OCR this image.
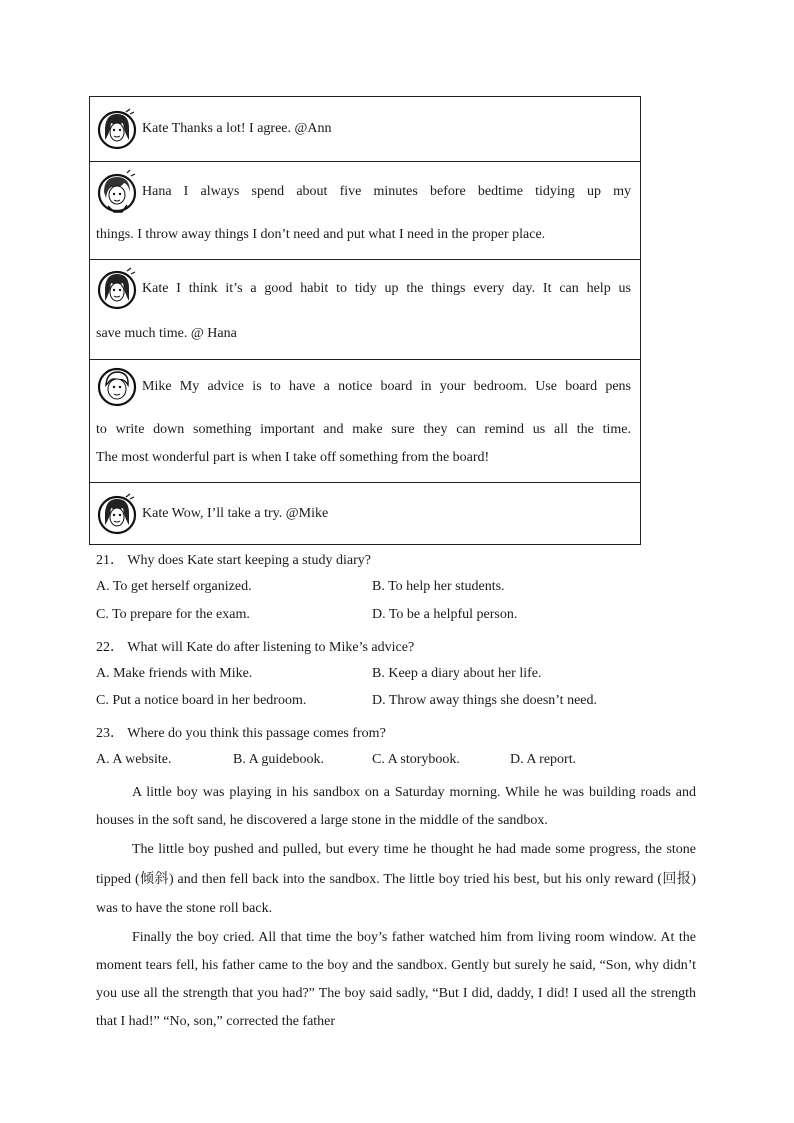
Kate Thanks a lot! I agree. @Ann

Hana I always spend about five minutes before bedtime tidying up my
things. I throw away things I don’t need and put what I need in the proper place.

Kate I think it’s a good habit to tidy up the things every day. It can help us
save much time. @ Hana

Mike My advice is to have a notice board in your bedroom. Use board pens
to write down something important and make sure they can remind us all the time.
The most wonderful part is when I take off something from the board!

Kate Wow, I’ll take a try. @Mike
21． Why does Kate start keeping a study diary?
A. To get herself organized.	B. To help her students.
C. To prepare for the exam.	D. To be a helpful person.
22． What will Kate do after listening to Mike’s advice?
A. Make friends with Mike.	B. Keep a diary about her life.
C. Put a notice board in her bedroom.	D. Throw away things she doesn’t need.
23． Where do you think this passage comes from?
A. A website.	B. A guidebook.	C. A storybook.	D. A report.

A little boy was playing in his sandbox on a Saturday morning. While he was building roads and houses in the soft sand, he discovered a large stone in the middle of the sandbox.

The little boy pushed and pulled, but every time he thought he had made some progress, the stone tipped (倾斜) and then fell back into the sandbox. The little boy tried his best, but his only reward (回报) was to have the stone roll back.

Finally the boy cried. All that time the boy’s father watched him from living room window. At the moment tears fell, his father came to the boy and the sandbox. Gently but surely he said, “Son, why didn’t you use all the strength that you had?” The boy said sadly, “But I did, daddy, I did! I used all the strength that I had!” “No, son,” corrected the father
